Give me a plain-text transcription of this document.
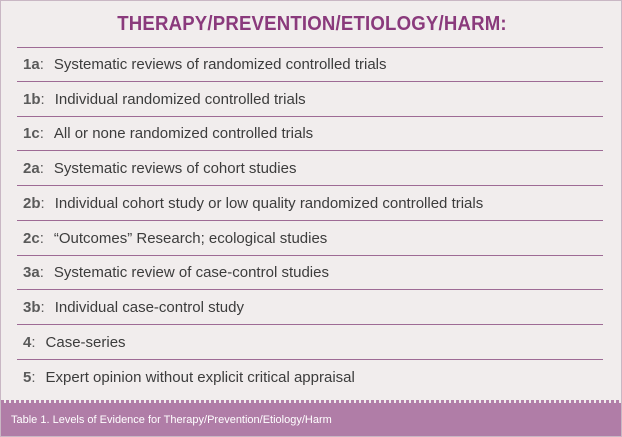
THERAPY/PREVENTION/ETIOLOGY/HARM:
1a : Systematic reviews of randomized controlled trials
1b : Individual randomized controlled trials
1c : All or none randomized controlled trials
2a : Systematic reviews of cohort studies
2b : Individual cohort study or low quality randomized controlled trials
2c : “Outcomes” Research; ecological studies
3a : Systematic review of case-control studies
3b : Individual case-control study
4 : Case-series
5 : Expert opinion without explicit critical appraisal
Table 1. Levels of Evidence for Therapy/Prevention/Etiology/Harm
